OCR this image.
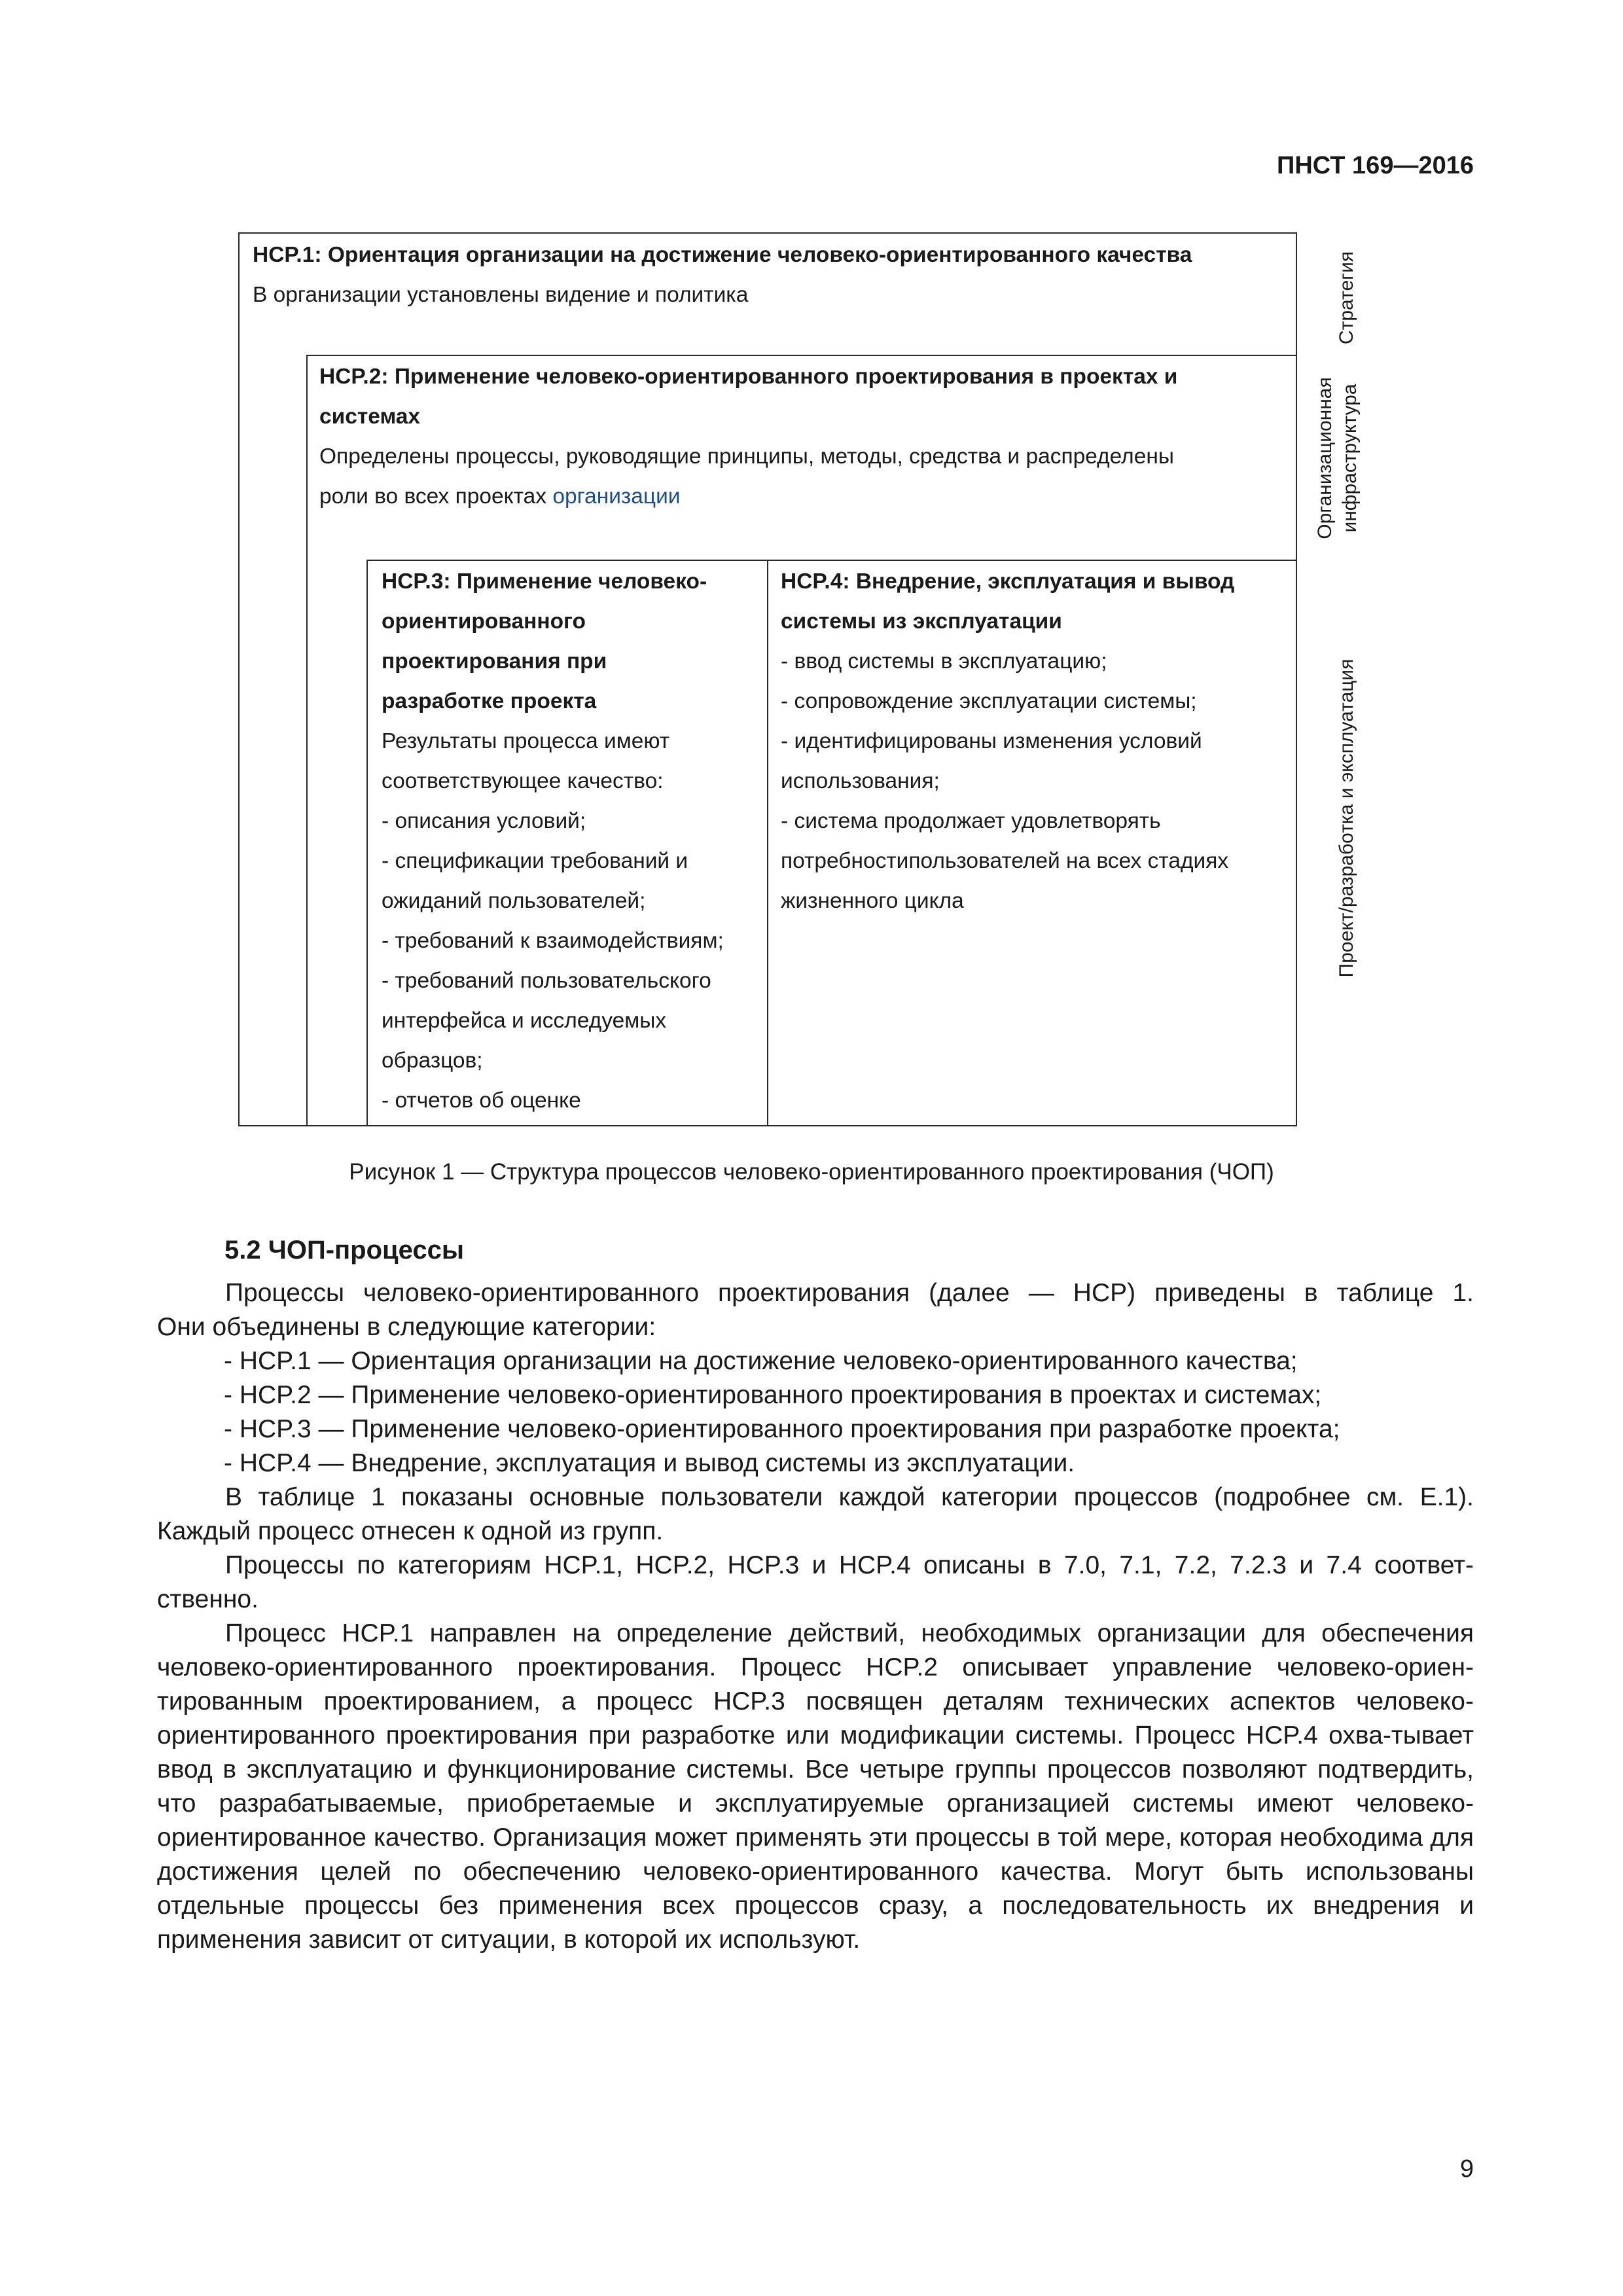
ПНСТ 169—2016
HCP.1: Ориентация организации на достижение человеко-ориентированного качества
В организации установлены видение и политика
HCP.2: Применение человеко-ориентированного проектирования в проектах и
системах
Определены процессы, руководящие принципы, методы, средства и распределены
роли во всех проектах организации
HCP.3: Применение человеко-
ориентированного
проектирования при
разработке проекта
Результаты процесса имеют
соответствующее качество:
- описания условий;
- спецификации требований и
ожиданий пользователей;
- требований к взаимодействиям;
- требований пользовательского
интерфейса и исследуемых
образцов;
- отчетов об оценке
HCP.4: Внедрение, эксплуатация и вывод
системы из эксплуатации
- ввод системы в эксплуатацию;
- сопровождение эксплуатации системы;
- идентифицированы изменения условий
использования;
- система продолжает удовлетворять
потребностипользователей на всех стадиях
жизненного цикла
Стратегия
Организационная инфраструктура
Проект/разработка и эксплуатация
Рисунок 1 — Структура процессов человеко-ориентированного проектирования (ЧОП)
5.2 ЧОП-процессы

Процессы человеко-ориентированного проектирования (далее — HCP) приведены в таблице 1.

Они объединены в следующие категории:

- HCP.1 — Ориентация организации на достижение человеко-ориентированного качества;

- HCP.2 — Применение человеко-ориентированного проектирования в проектах и системах;

- HCP.3 — Применение человеко-ориентированного проектирования при разработке проекта;

- HCP.4 — Внедрение, эксплуатация и вывод системы из эксплуатации.

В таблице 1 показаны основные пользователи каждой категории процессов (подробнее см. E.1). Каждый процесс отнесен к одной из групп.

Процессы по категориям HCP.1, HCP.2, HCP.3 и HCP.4 описаны в 7.0, 7.1, 7.2, 7.2.3 и 7.4 соответ-ственно.

Процесс HCP.1 направлен на определение действий, необходимых организации для обеспечения человеко-ориентированного проектирования. Процесс HCP.2 описывает управление человеко-ориен-тированным проектированием, а процесс HCP.3 посвящен деталям технических аспектов человеко-ориентированного проектирования при разработке или модификации системы. Процесс HCP.4 охва-тывает ввод в эксплуатацию и функционирование системы. Все четыре группы процессов позволяют подтвердить, что разрабатываемые, приобретаемые и эксплуатируемые организацией системы имеют человеко-ориентированное качество. Организация может применять эти процессы в той мере, которая необходима для достижения целей по обеспечению человеко-ориентированного качества. Могут быть использованы отдельные процессы без применения всех процессов сразу, а последовательность их внедрения и применения зависит от ситуации, в которой их используют.

9
